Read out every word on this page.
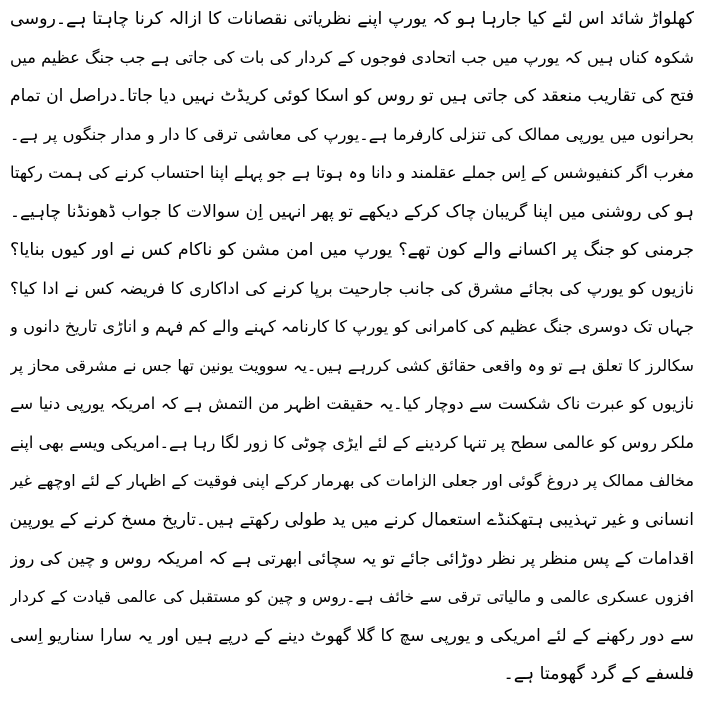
کھلواڑ شائد اس لئے کیا جارہا ہو کہ یورپ اپنے نظریاتی نقصانات کا ازالہ کرنا چاہتا ہے۔روسی
شکوہ کناں ہیں کہ یورپ میں جب اتحادی فوجوں کے کردار کی بات کی جاتی ہے جب جنگ عظیم میں
فتح کی تقاریب منعقد کی جاتی ہیں تو روس کو اسکا کوئی کریڈٹ نہیں دیا جاتا۔دراصل ان تمام
بحرانوں میں یورپی ممالک کی تنزلی کارفرما ہے۔یورپ کی معاشی ترقی کا دار و مدار جنگوں پر ہے۔
مغرب اگر کنفیوشس کے اِس جملے عقلمند و دانا وہ ہوتا ہے جو پہلے اپنا احتساب کرنے کی ہمت رکھتا
ہو کی روشنی میں اپنا گریبان چاک کرکے دیکھے تو پھر انہیں اِن سوالات کا جواب ڈھونڈنا چاہیے۔
جرمنی کو جنگ پر اکسانے والے کون تھے؟ یورپ میں امن مشن کو ناکام کس نے اور کیوں بنایا؟
نازیوں کو یورپ کی بجائے مشرق کی جانب جارحیت برپا کرنے کی اداکاری کا فریضہ کس نے ادا کیا؟
جہاں تک دوسری جنگ عظیم کی کامرانی کو یورپ کا کارنامہ کہنے والے کم فہم و اناڑی تاریخ دانوں و
سکالرز کا تعلق ہے تو وہ واقعی حقائق کشی کررہے ہیں۔یہ سوویت یونین تھا جس نے مشرقی محاز پر
نازیوں کو عبرت ناک شکست سے دوچار کیا۔یہ حقیقت اظہر من التمش ہے کہ امریکہ یورپی دنیا سے
ملکر روس کو عالمی سطح پر تنہا کردینے کے لئے ایڑی چوٹی کا زور لگا رہا ہے۔امریکی ویسے بھی اپنے
مخالف ممالک پر دروغ گوئی اور جعلی الزامات کی بھرمار کرکے اپنی فوقیت کے اظہار کے لئے اوچھے غیر
انسانی و غیر تہذیبی ہتھکنڈے استعمال کرنے میں ید طولی رکھتے ہیں۔تاریخ مسخ کرنے کے یورپین
اقدامات کے پس منظر پر نظر دوڑائی جائے تو یہ سچائی ابھرتی ہے کہ امریکہ روس و چین کی روز
افزوں عسکری عالمی و مالیاتی ترقی سے خائف ہے۔روس و چین کو مستقبل کی عالمی قیادت کے کردار
سے دور رکھنے کے لئے امریکی و یورپی سچ کا گلا گھوٹ دینے کے درپے ہیں اور یہ سارا سناریو اِسی
فلسفے کے گرد گھومتا ہے۔
